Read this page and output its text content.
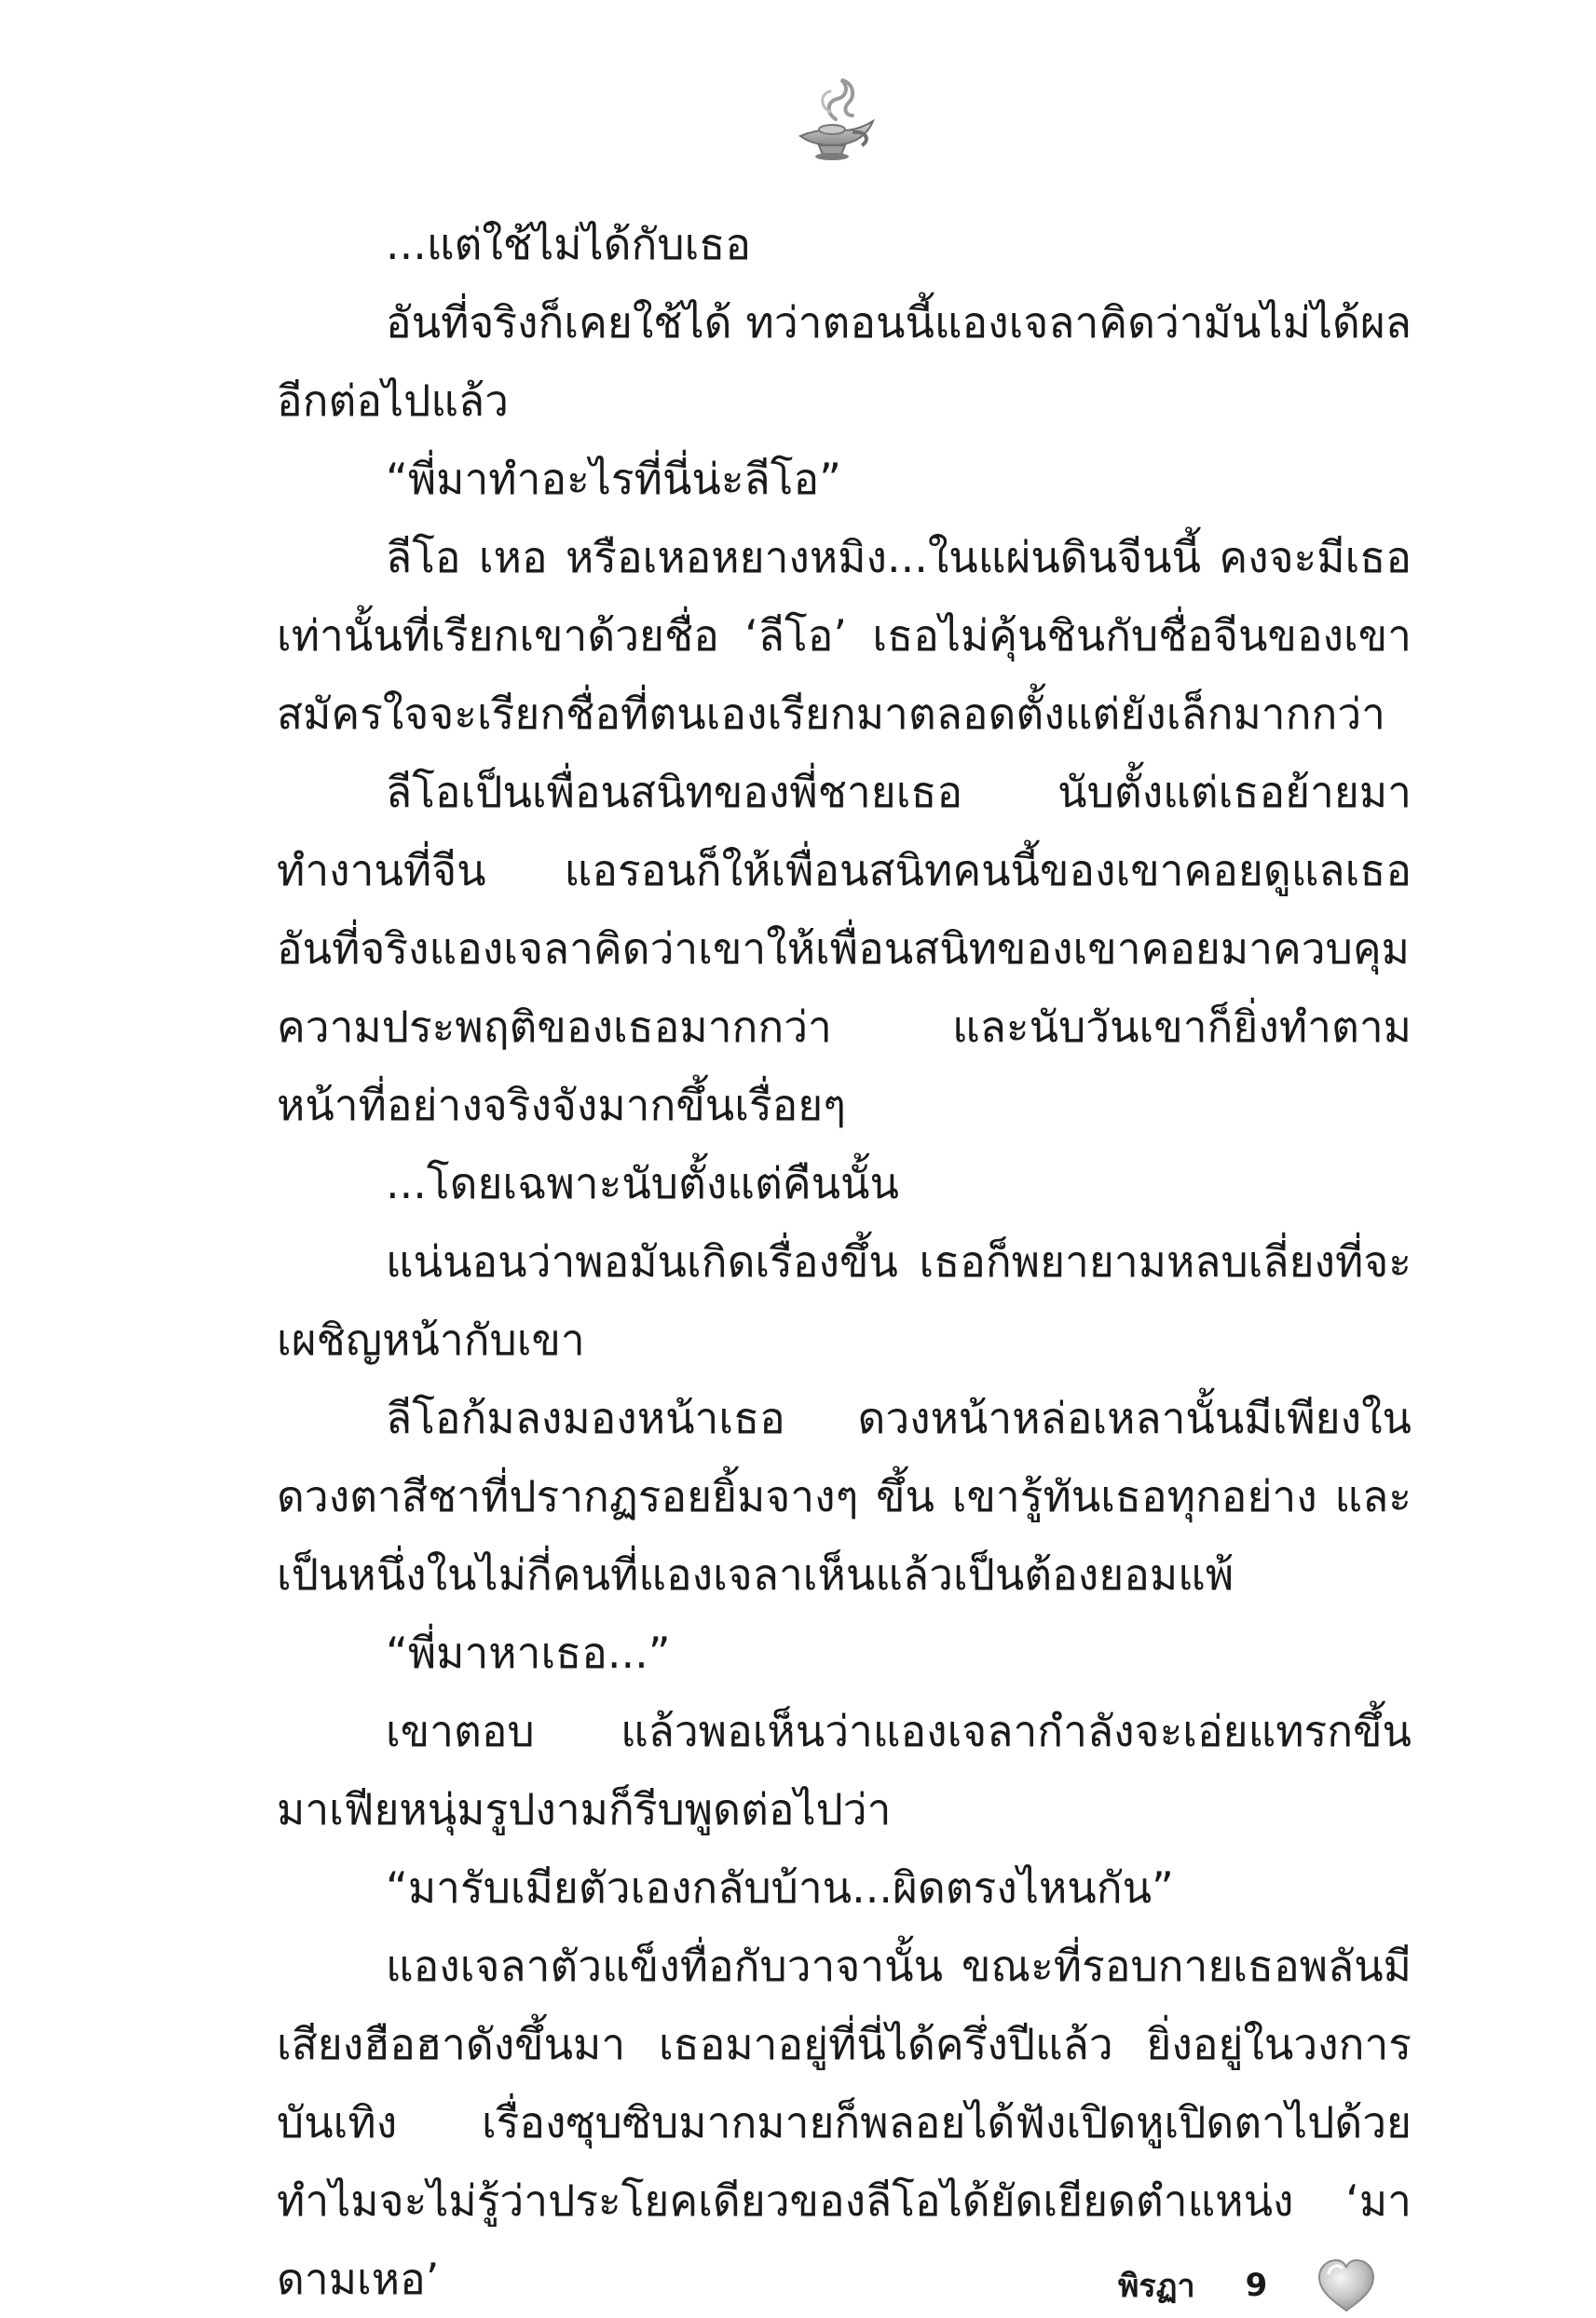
...แต่ใช้ไม่ได้กับเธอ

อันที่จริงก็เคยใช้ได้ ทว่าตอนนี้แองเจลาคิดว่ามันไม่ได้ผลอีกต่อไปแล้ว

“พี่มาทำอะไรที่นี่น่ะลีโอ”

ลีโอ เหอ หรือเหอหยางหมิง...ในแผ่นดินจีนนี้ คงจะมีเธอเท่านั้นที่เรียกเขาด้วยชื่อ ‘ลีโอ’ เธอไม่คุ้นชินกับชื่อจีนของเขาสมัครใจจะเรียกชื่อที่ตนเองเรียกมาตลอดตั้งแต่ยังเล็กมากกว่า

ลีโอเป็นเพื่อนสนิทของพี่ชายเธอ นับตั้งแต่เธอย้ายมาทำงานที่จีน แอรอนก็ให้เพื่อนสนิทคนนี้ของเขาคอยดูแลเธอ อันที่จริงแองเจลาคิดว่าเขาให้เพื่อนสนิทของเขาคอยมาควบคุมความประพฤติของเธอมากกว่า และนับวันเขาก็ยิ่งทำตามหน้าที่อย่างจริงจังมากขึ้นเรื่อยๆ

...โดยเฉพาะนับตั้งแต่คืนนั้น

แน่นอนว่าพอมันเกิดเรื่องขึ้น เธอก็พยายามหลบเลี่ยงที่จะเผชิญหน้ากับเขา

ลีโอก้มลงมองหน้าเธอ ดวงหน้าหล่อเหลานั้นมีเพียงในดวงตาสีชาที่ปรากฏรอยยิ้มจางๆ ขึ้น เขารู้ทันเธอทุกอย่าง และเป็นหนึ่งในไม่กี่คนที่แองเจลาเห็นแล้วเป็นต้องยอมแพ้

“พี่มาหาเธอ...”

เขาตอบ แล้วพอเห็นว่าแองเจลากำลังจะเอ่ยแทรกขึ้นมาเฟียหนุ่มรูปงามก็รีบพูดต่อไปว่า

“มารับเมียตัวเองกลับบ้าน...ผิดตรงไหนกัน”

แองเจลาตัวแข็งทื่อกับวาจานั้น ขณะที่รอบกายเธอพลันมีเสียงฮือฮาดังขึ้นมา เธอมาอยู่ที่นี่ได้ครึ่งปีแล้ว ยิ่งอยู่ในวงการบันเทิง เรื่องซุบซิบมากมายก็พลอยได้ฟังเปิดหูเปิดตาไปด้วย ทำไมจะไม่รู้ว่าประโยคเดียวของลีโอได้ยัดเยียดตำแหน่ง ‘มาดามเหอ’	พิรฏา 9
